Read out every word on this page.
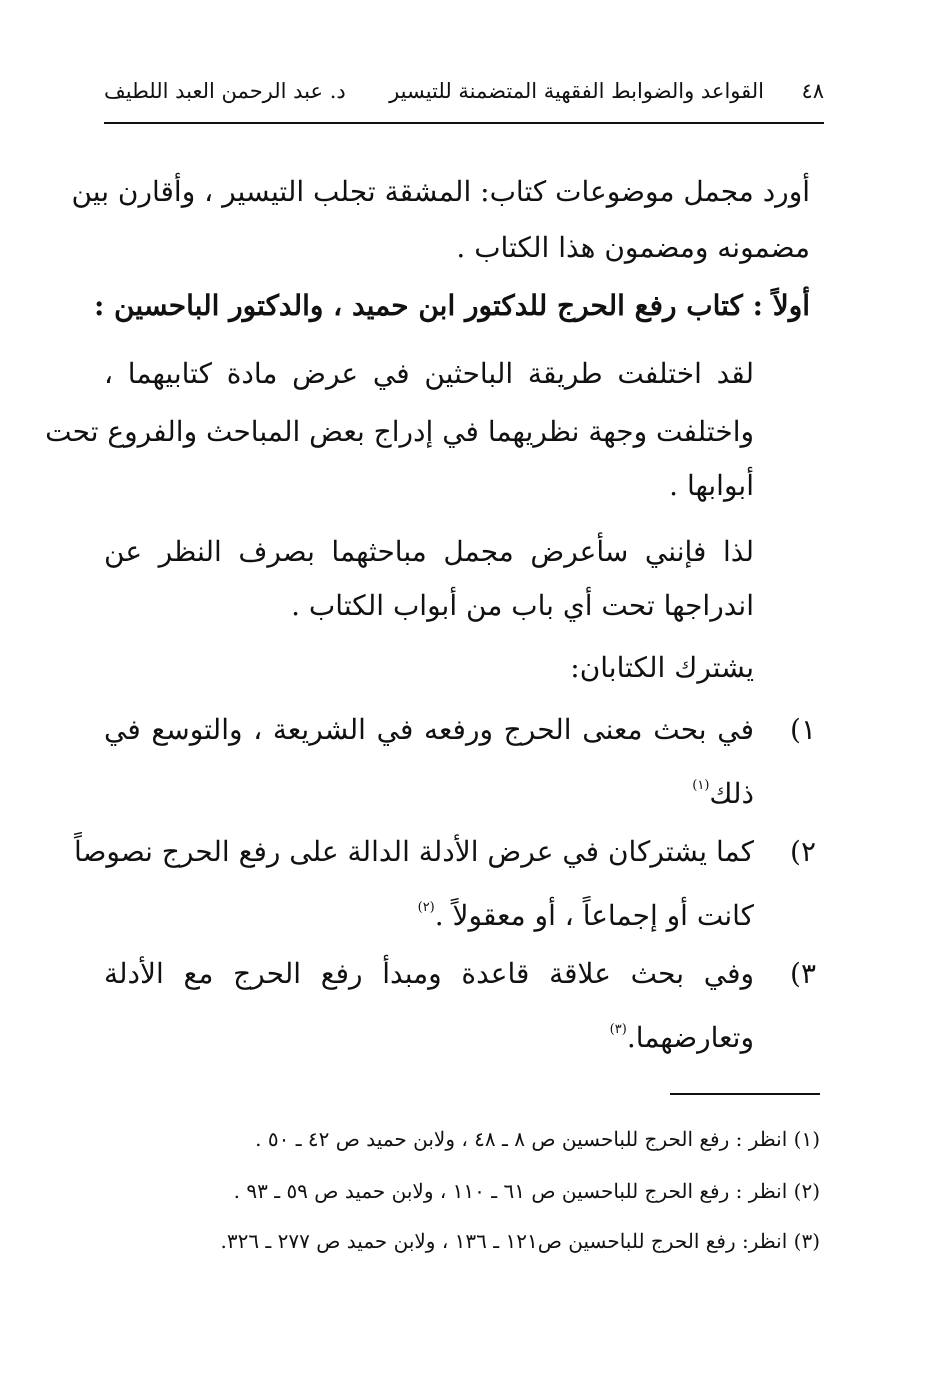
٤٨
القواعد والضوابط الفقهية المتضمنة للتيسير
د. عبد الرحمن العبد اللطيف
أورد مجمل موضوعات كتاب: المشقة تجلب التيسير ، وأقارن بين
مضمونه ومضمون هذا الكتاب .
أولاً : كتاب رفع الحرج للدكتور ابن حميد ، والدكتور الباحسين :
لقد اختلفت طريقة الباحثين في عرض مادة كتابيهما ،
واختلفت وجهة نظريهما في إدراج بعض المباحث والفروع تحت
أبوابها .
لذا فإنني سأعرض مجمل مباحثهما بصرف النظر عن
اندراجها تحت أي باب من أبواب الكتاب .
يشترك الكتابان:
١)
في بحث معنى الحرج ورفعه في الشريعة ، والتوسع في
ذلك$^{(١)}$
٢)
كما يشتركان في عرض الأدلة الدالة على رفع الحرج نصوصاً
كانت أو إجماعاً ، أو معقولاً .$^{(٢)}$
٣)
وفي بحث علاقة قاعدة ومبدأ رفع الحرج مع الأدلة
وتعارضهما.$^{(٣)}$
(١) انظر : رفع الحرج للباحسين ص ٨ ـ ٤٨ ، ولابن حميد ص ٤٢ ـ ٥٠ .
(٢) انظر : رفع الحرج للباحسين ص ٦١ ـ ١١٠ ، ولابن حميد ص ٥٩ ـ ٩٣ .
(٣) انظر: رفع الحرج للباحسين ص١٢١ ـ ١٣٦ ، ولابن حميد ص ٢٧٧ ـ ٣٢٦.
